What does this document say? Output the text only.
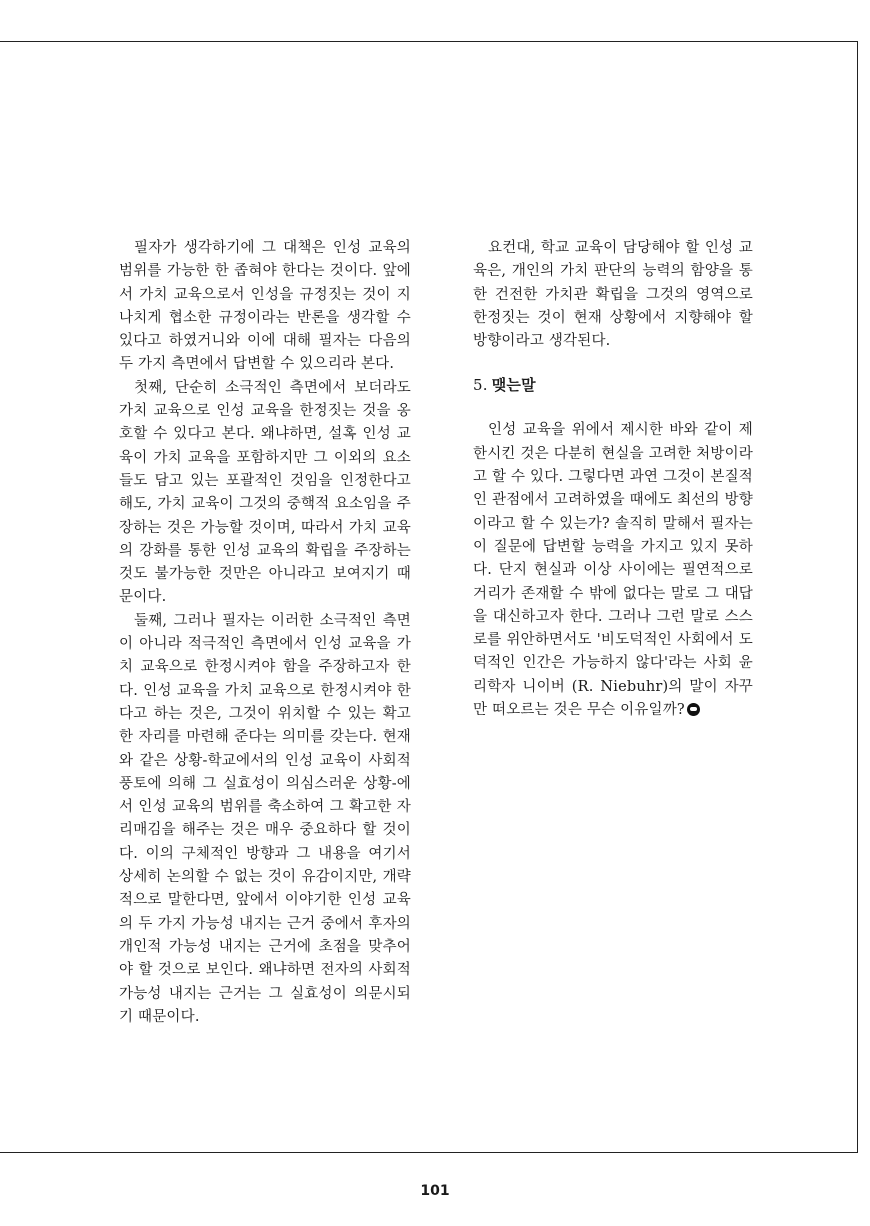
필자가 생각하기에 그 대책은 인성 교육의 범위를 가능한 한 좁혀야 한다는 것이다. 앞에서 가치 교육으로서 인성을 규정짓는 것이 지나치게 협소한 규정이라는 반론을 생각할 수 있다고 하였거니와 이에 대해 필자는 다음의 두 가지 측면에서 답변할 수 있으리라 본다.

첫째, 단순히 소극적인 측면에서 보더라도 가치 교육으로 인성 교육을 한정짓는 것을 옹호할 수 있다고 본다. 왜냐하면, 설혹 인성 교육이 가치 교육을 포함하지만 그 이외의 요소들도 담고 있는 포괄적인 것임을 인정한다고 해도, 가치 교육이 그것의 중핵적 요소임을 주장하는 것은 가능할 것이며, 따라서 가치 교육의 강화를 통한 인성 교육의 확립을 주장하는 것도 불가능한 것만은 아니라고 보여지기 때문이다.

둘째, 그러나 필자는 이러한 소극적인 측면이 아니라 적극적인 측면에서 인성 교육을 가치 교육으로 한정시켜야 함을 주장하고자 한다. 인성 교육을 가치 교육으로 한정시켜야 한다고 하는 것은, 그것이 위치할 수 있는 확고한 자리를 마련해 준다는 의미를 갖는다. 현재와 같은 상황-학교에서의 인성 교육이 사회적 풍토에 의해 그 실효성이 의심스러운 상황-에서 인성 교육의 범위를 축소하여 그 확고한 자리매김을 해주는 것은 매우 중요하다 할 것이다. 이의 구체적인 방향과 그 내용을 여기서 상세히 논의할 수 없는 것이 유감이지만, 개략적으로 말한다면, 앞에서 이야기한 인성 교육의 두 가지 가능성 내지는 근거 중에서 후자의 개인적 가능성 내지는 근거에 초점을 맞추어야 할 것으로 보인다. 왜냐하면 전자의 사회적 가능성 내지는 근거는 그 실효성이 의문시되기 때문이다.

요컨대, 학교 교육이 담당해야 할 인성 교육은, 개인의 가치 판단의 능력의 함양을 통한 건전한 가치관 확립을 그것의 영역으로 한정짓는 것이 현재 상황에서 지향해야 할 방향이라고 생각된다.

5. 맺는말

인성 교육을 위에서 제시한 바와 같이 제한시킨 것은 다분히 현실을 고려한 처방이라고 할 수 있다. 그렇다면 과연 그것이 본질적인 관점에서 고려하였을 때에도 최선의 방향이라고 할 수 있는가? 솔직히 말해서 필자는 이 질문에 답변할 능력을 가지고 있지 못하다. 단지 현실과 이상 사이에는 필연적으로 거리가 존재할 수 밖에 없다는 말로 그 대답을 대신하고자 한다. 그러나 그런 말로 스스로를 위안하면서도 '비도덕적인 사회에서 도덕적인 인간은 가능하지 않다'라는 사회 윤리학자 니이버 (R. Niebuhr)의 말이 자꾸만 떠오르는 것은 무슨 이유일까?

101
